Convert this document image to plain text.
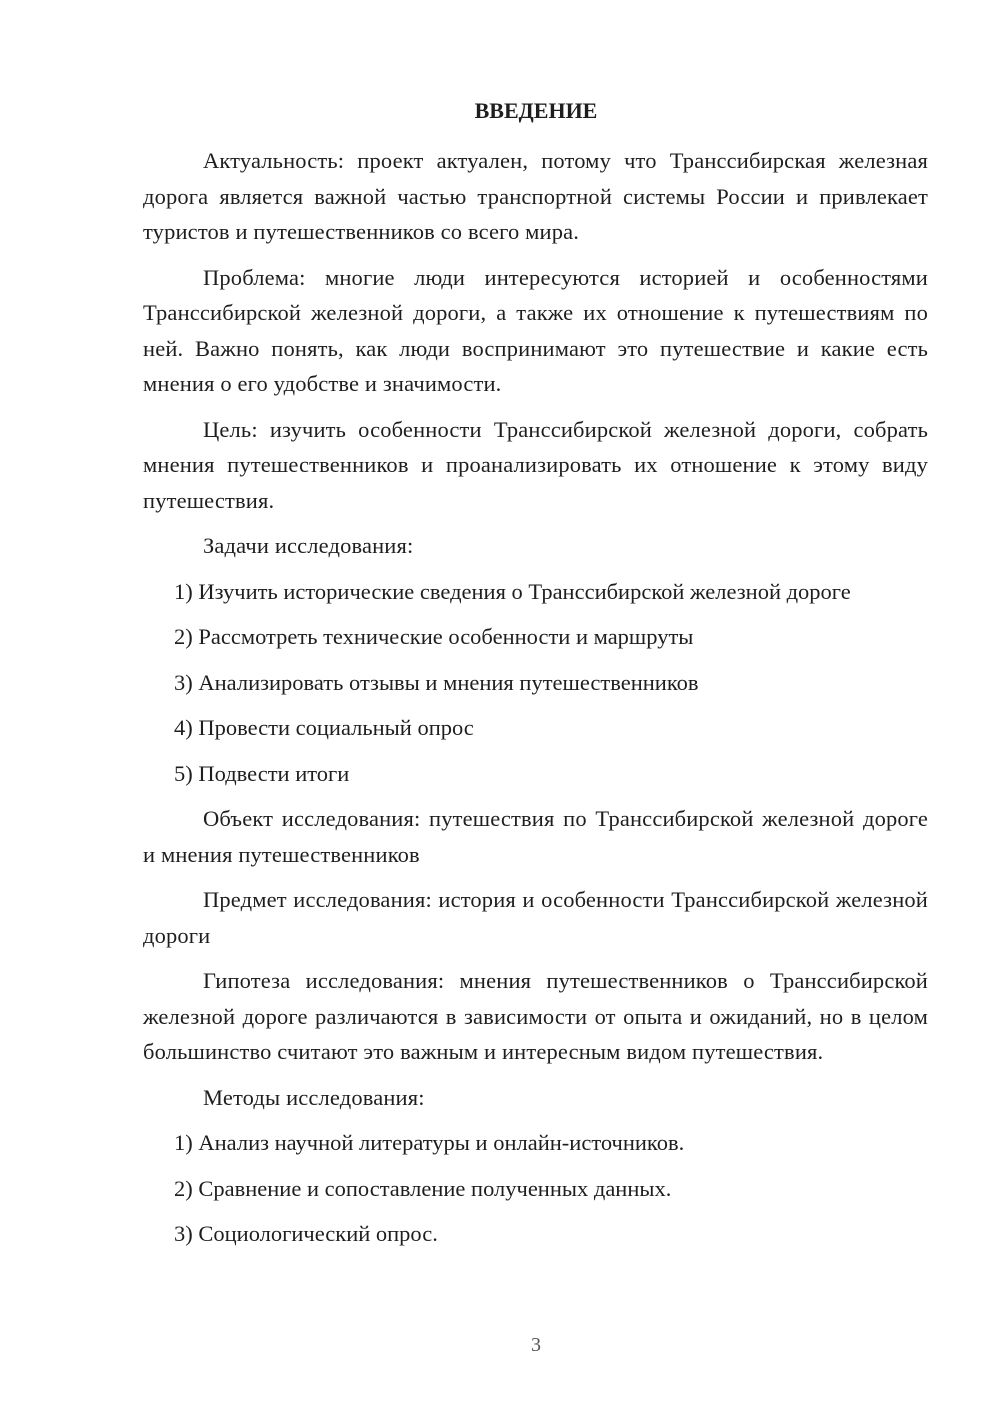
ВВЕДЕНИЕ

Актуальность: проект актуален, потому что Транссибирская железная дорога является важной частью транспортной системы России и привлекает туристов и путешественников со всего мира.

Проблема: многие люди интересуются историей и особенностями Транссибирской железной дороги, а также их отношение к путешествиям по ней. Важно понять, как люди воспринимают это путешествие и какие есть мнения о его удобстве и значимости.

Цель: изучить особенности Транссибирской железной дороги, собрать мнения путешественников и проанализировать их отношение к этому виду путешествия.

Задачи исследования:

1) Изучить исторические сведения о Транссибирской железной дороге
2) Рассмотреть технические особенности и маршруты
3) Анализировать отзывы и мнения путешественников
4) Провести социальный опрос
5) Подвести итоги

Объект исследования: путешествия по Транссибирской железной дороге и мнения путешественников

Предмет исследования: история и особенности Транссибирской железной дороги

Гипотеза исследования: мнения путешественников о Транссибирской железной дороге различаются в зависимости от опыта и ожиданий, но в целом большинство считают это важным и интересным видом путешествия.

Методы исследования:

1) Анализ научной литературы и онлайн-источников.
2) Сравнение и сопоставление полученных данных.
3) Социологический опрос.
3
